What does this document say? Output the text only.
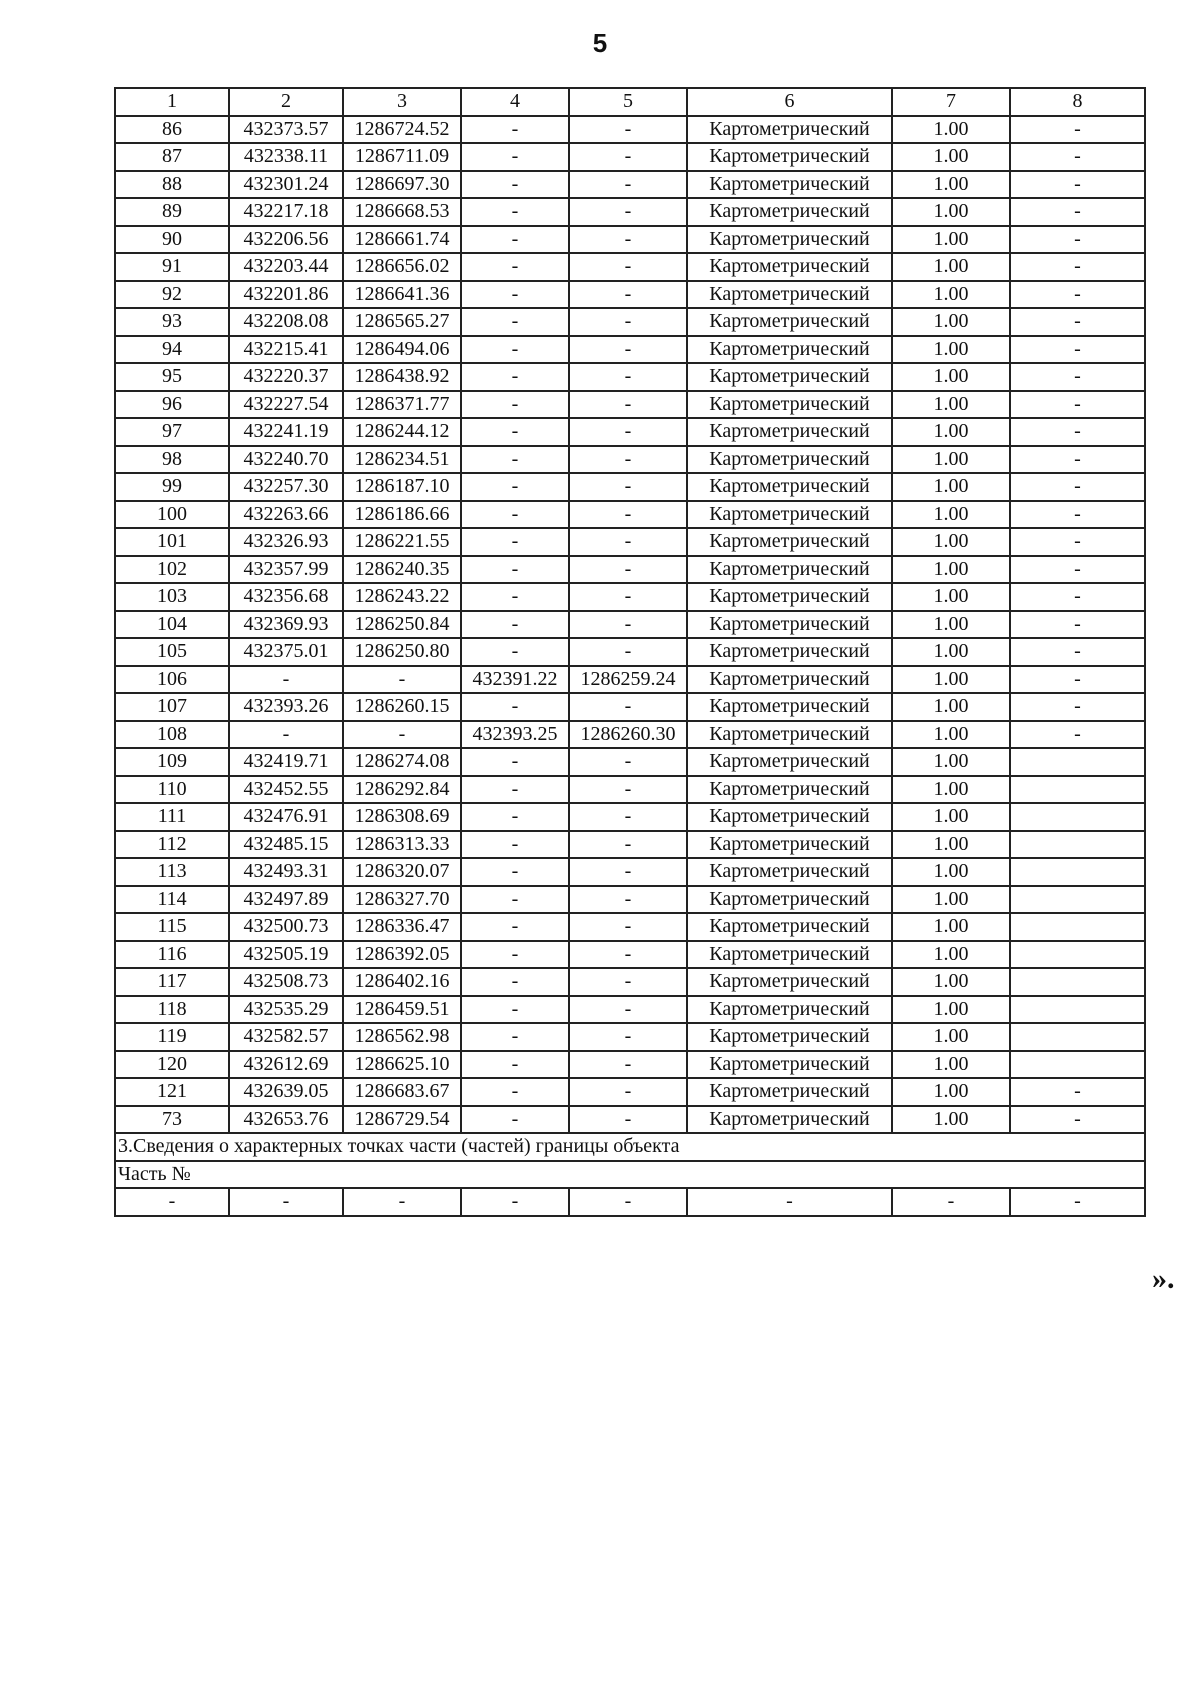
5
1	2	3	4	5	6	7	8
86	432373.57	1286724.52	-	-	Картометрический	1.00	-
87	432338.11	1286711.09	-	-	Картометрический	1.00	-
88	432301.24	1286697.30	-	-	Картометрический	1.00	-
89	432217.18	1286668.53	-	-	Картометрический	1.00	-
90	432206.56	1286661.74	-	-	Картометрический	1.00	-
91	432203.44	1286656.02	-	-	Картометрический	1.00	-
92	432201.86	1286641.36	-	-	Картометрический	1.00	-
93	432208.08	1286565.27	-	-	Картометрический	1.00	-
94	432215.41	1286494.06	-	-	Картометрический	1.00	-
95	432220.37	1286438.92	-	-	Картометрический	1.00	-
96	432227.54	1286371.77	-	-	Картометрический	1.00	-
97	432241.19	1286244.12	-	-	Картометрический	1.00	-
98	432240.70	1286234.51	-	-	Картометрический	1.00	-
99	432257.30	1286187.10	-	-	Картометрический	1.00	-
100	432263.66	1286186.66	-	-	Картометрический	1.00	-
101	432326.93	1286221.55	-	-	Картометрический	1.00	-
102	432357.99	1286240.35	-	-	Картометрический	1.00	-
103	432356.68	1286243.22	-	-	Картометрический	1.00	-
104	432369.93	1286250.84	-	-	Картометрический	1.00	-
105	432375.01	1286250.80	-	-	Картометрический	1.00	-
106	-	-	432391.22	1286259.24	Картометрический	1.00	-
107	432393.26	1286260.15	-	-	Картометрический	1.00	-
108	-	-	432393.25	1286260.30	Картометрический	1.00	-
109	432419.71	1286274.08	-	-	Картометрический	1.00	
110	432452.55	1286292.84	-	-	Картометрический	1.00	
111	432476.91	1286308.69	-	-	Картометрический	1.00	
112	432485.15	1286313.33	-	-	Картометрический	1.00	
113	432493.31	1286320.07	-	-	Картометрический	1.00	
114	432497.89	1286327.70	-	-	Картометрический	1.00	
115	432500.73	1286336.47	-	-	Картометрический	1.00	
116	432505.19	1286392.05	-	-	Картометрический	1.00	
117	432508.73	1286402.16	-	-	Картометрический	1.00	
118	432535.29	1286459.51	-	-	Картометрический	1.00	
119	432582.57	1286562.98	-	-	Картометрический	1.00	
120	432612.69	1286625.10	-	-	Картометрический	1.00	
121	432639.05	1286683.67	-	-	Картометрический	1.00	-
73	432653.76	1286729.54	-	-	Картометрический	1.00	-
3.Сведения о характерных точках части (частей) границы объекта							
Часть №							
-	-	-	-	-	-	-	-
».
